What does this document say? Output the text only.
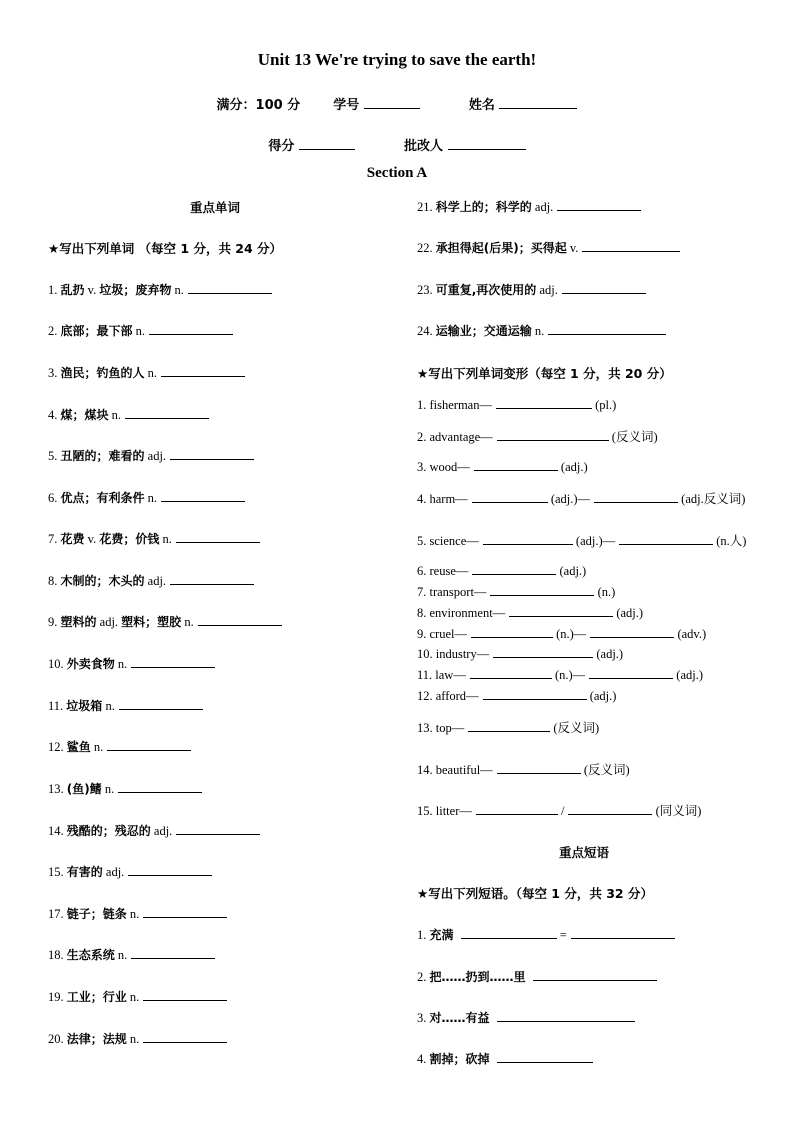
Unit 13 We're trying to save the earth!
满分：100 分	学号	姓名
得分	批改人
Section A
重点单词
★写出下列单词 （每空 1 分，共 24 分）
1. 乱扔 v. 垃圾；废弃物 n.
2. 底部；最下部 n.
3. 渔民；钓鱼的人 n.
4. 煤；煤块 n.
5. 丑陋的；难看的 adj.
6. 优点；有利条件 n.
7. 花费 v. 花费；价钱 n.
8. 木制的；木头的 adj.
9. 塑料的 adj. 塑料；塑胶 n.
10. 外卖食物 n.
11. 垃圾箱 n.
12. 鲨鱼 n.
13. (鱼)鳍 n.
14. 残酷的；残忍的 adj.
15. 有害的 adj.
17. 链子；链条 n.
18. 生态系统 n.
19. 工业；行业 n.
20. 法律；法规 n.
21. 科学上的；科学的 adj.
22. 承担得起(后果)；买得起 v.
23. 可重复,再次使用的 adj.
24. 运输业；交通运输 n.
★写出下列单词变形（每空 1 分，共 20 分）
1. fisherman—	(pl.)
2. advantage—	(反义词)
3. wood—	(adj.)
4. harm—	(adj.)—	(adj.反义词)
5. science—	(adj.)—	(n.人)
6. reuse—	(adj.)
7. transport—	(n.)
8. environment—	(adj.)
9. cruel—	(n.)—	(adv.)
10. industry—	(adj.)
11. law—	(n.)—	(adj.)
12. afford—	(adj.)
13. top—	(反义词)
14. beautiful—	(反义词)
15. litter—	/	(同义词)
重点短语
★写出下列短语。（每空 1 分，共 32 分）
1. 充满	=
2. 把……扔到……里
3. 对……有益
4. 割掉；砍掉
